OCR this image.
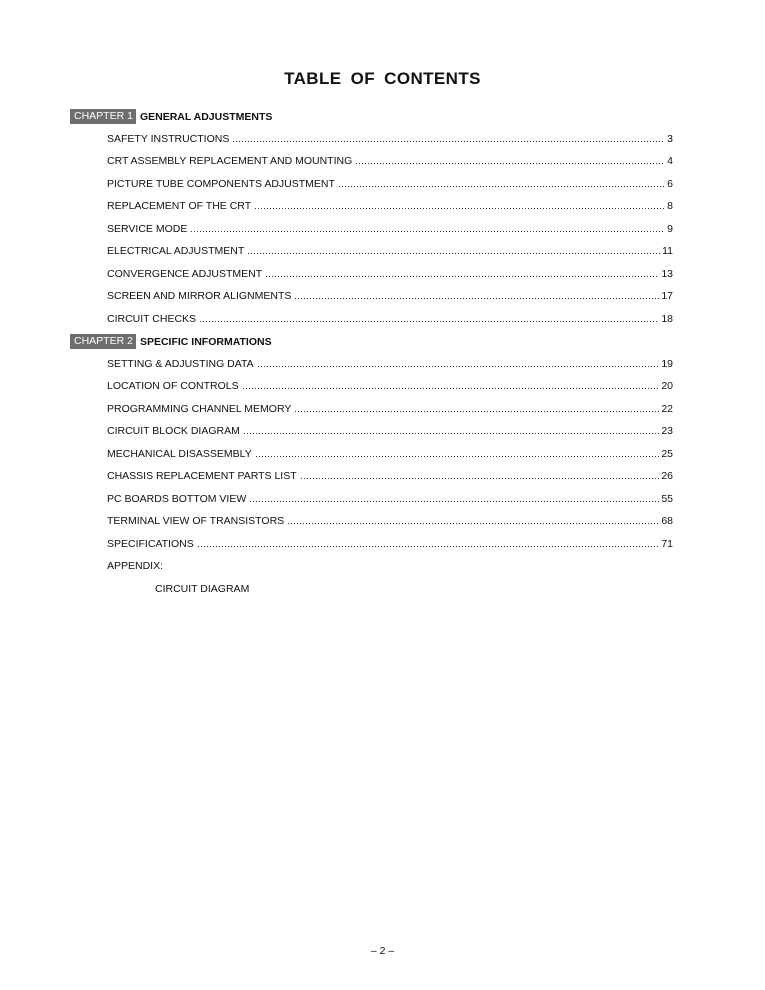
TABLE OF CONTENTS
CHAPTER 1 GENERAL ADJUSTMENTS
SAFETY INSTRUCTIONS	3
CRT ASSEMBLY REPLACEMENT AND MOUNTING	4
PICTURE TUBE COMPONENTS ADJUSTMENT	6
REPLACEMENT OF THE CRT	8
SERVICE MODE	9
ELECTRICAL ADJUSTMENT	11
CONVERGENCE ADJUSTMENT	13
SCREEN AND MIRROR ALIGNMENTS	17
CIRCUIT CHECKS	18
CHAPTER 2 SPECIFIC INFORMATIONS
SETTING & ADJUSTING DATA	19
LOCATION OF CONTROLS	20
PROGRAMMING CHANNEL MEMORY	22
CIRCUIT BLOCK DIAGRAM	23
MECHANICAL DISASSEMBLY	25
CHASSIS REPLACEMENT PARTS LIST	26
PC BOARDS BOTTOM VIEW	55
TERMINAL VIEW OF TRANSISTORS	68
SPECIFICATIONS	71
APPENDIX:
CIRCUIT DIAGRAM
– 2 –
